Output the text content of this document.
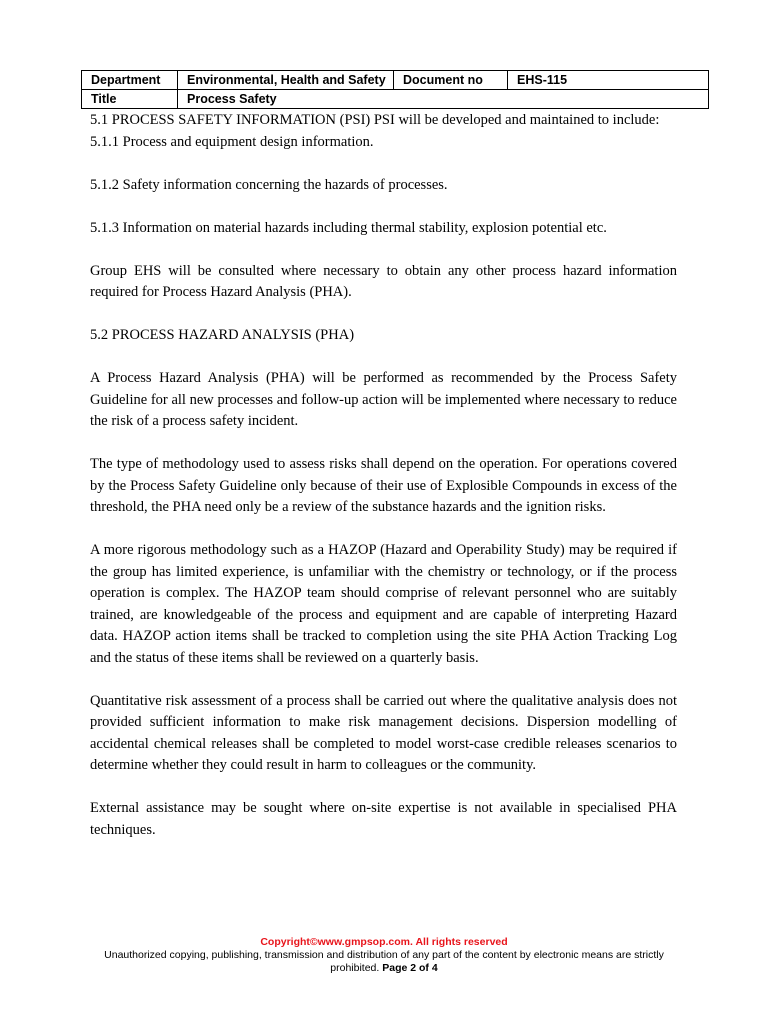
Department	Environmental, Health and Safety	Document no	EHS-115
Title	Process Safety		

5.1 PROCESS SAFETY INFORMATION (PSI) PSI will be developed and maintained to include:

5.1.1 Process and equipment design information.

5.1.2 Safety information concerning the hazards of processes.

5.1.3 Information on material hazards including thermal stability, explosion potential etc.

Group EHS will be consulted where necessary to obtain any other process hazard information required for Process Hazard Analysis (PHA).

5.2 PROCESS HAZARD ANALYSIS (PHA)

A Process Hazard Analysis (PHA) will be performed as recommended by the Process Safety Guideline for all new processes and follow-up action will be implemented where necessary to reduce the risk of a process safety incident.

The type of methodology used to assess risks shall depend on the operation. For operations covered by the Process Safety Guideline only because of their use of Explosible Compounds in excess of the threshold, the PHA need only be a review of the substance hazards and the ignition risks.

A more rigorous methodology such as a HAZOP (Hazard and Operability Study) may be required if the group has limited experience, is unfamiliar with the chemistry or technology, or if the process operation is complex. The HAZOP team should comprise of relevant personnel who are suitably trained, are knowledgeable of the process and equipment and are capable of interpreting Hazard data. HAZOP action items shall be tracked to completion using the site PHA Action Tracking Log and the status of these items shall be reviewed on a quarterly basis.

Quantitative risk assessment of a process shall be carried out where the qualitative analysis does not provided sufficient information to make risk management decisions. Dispersion modelling of accidental chemical releases shall be completed to model worst-case credible releases scenarios to determine whether they could result in harm to colleagues or the community.

External assistance may be sought where on-site expertise is not available in specialised PHA techniques.

Copyright©www.gmpsop.com. All rights reserved
Unauthorized copying, publishing, transmission and distribution of any part of the content by electronic means are strictly prohibited. Page 2 of 4
